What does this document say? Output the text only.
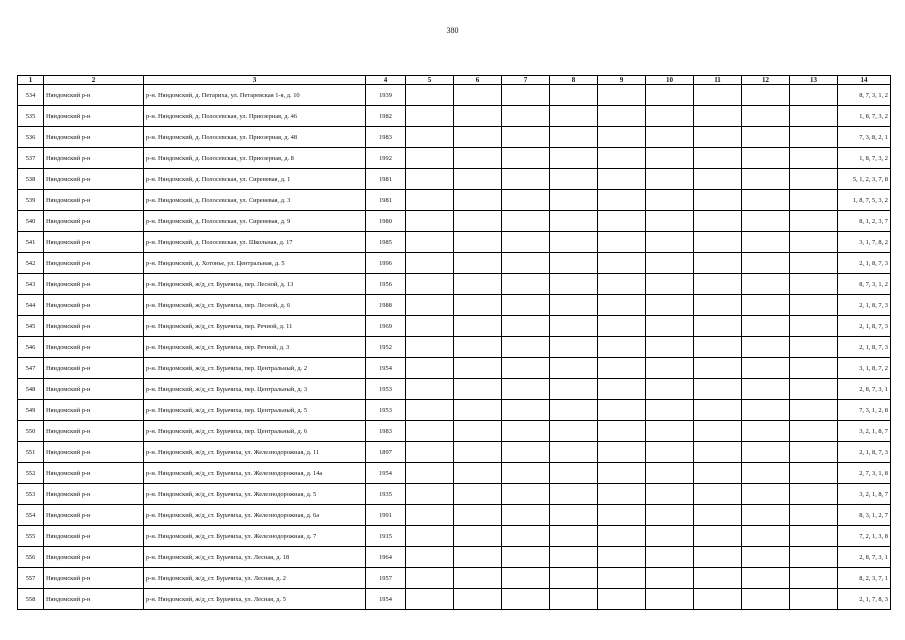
380
1	2	3	4	5	6	7	8	9	10	11	12	13	14
534	Няндомский р-н	р-н. Няндомский, д. Петариха, ул. Петаревская 1-я, д. 10	1939										8, 7, 3, 1, 2
535	Няндомский р-н	р-н. Няндомский, д. Полосевская, ул. Приозерная, д. 46	1982										1, 8, 7, 3, 2
536	Няндомский р-н	р-н. Няндомский, д. Полосевская, ул. Приозерная, д. 48	1983										7, 3, 8, 2, 1
537	Няндомский р-н	р-н. Няндомский, д. Полосевская, ул. Приозерная, д. 8	1992										1, 8, 7, 3, 2
538	Няндомский р-н	р-н. Няндомский, д. Полосевская, ул. Сиреневая, д. 1	1981										5, 1, 2, 3, 7, 8
539	Няндомский р-н	р-н. Няндомский, д. Полосевская, ул. Сиреневая, д. 3	1981										1, 8, 7, 5, 3, 2
540	Няндомский р-н	р-н. Няндомский, д. Полосевская, ул. Сиреневая, д. 9	1980										8, 1, 2, 3, 7
541	Няндомский р-н	р-н. Няндомский, д. Полосевская, ул. Школьная, д. 17	1985										3, 1, 7, 8, 2
542	Няндомский р-н	р-н. Няндомский, д. Хотонье, ул. Центральная, д. 5	1996										2, 1, 8, 7, 3
543	Няндомский р-н	р-н. Няндомский, ж/д_ст. Бурачиха, пер. Лесной, д. 13	1956										8, 7, 3, 1, 2
544	Няндомский р-н	р-н. Няндомский, ж/д_ст. Бурачиха, пер. Лесной, д. 6	1988										2, 1, 8, 7, 3
545	Няндомский р-н	р-н. Няндомский, ж/д_ст. Бурачиха, пер. Речной, д. 11	1969										2, 1, 8, 7, 3
546	Няндомский р-н	р-н. Няндомский, ж/д_ст. Бурачиха, пер. Речной, д. 3	1952										2, 1, 8, 7, 3
547	Няндомский р-н	р-н. Няндомский, ж/д_ст. Бурачиха, пер. Центральный, д. 2	1954										3, 1, 8, 7, 2
548	Няндомский р-н	р-н. Няндомский, ж/д_ст. Бурачиха, пер. Центральный, д. 3	1953										2, 8, 7, 3, 1
549	Няндомский р-н	р-н. Няндомский, ж/д_ст. Бурачиха, пер. Центральный, д. 5	1953										7, 3, 1, 2, 8
550	Няндомский р-н	р-н. Няндомский, ж/д_ст. Бурачиха, пер. Центральный, д. 6	1983										3, 2, 1, 8, 7
551	Няндомский р-н	р-н. Няндомский, ж/д_ст. Бурачиха, ул. Железнодорожная, д. 11	1897										2, 1, 8, 7, 3
552	Няндомский р-н	р-н. Няндомский, ж/д_ст. Бурачиха, ул. Железнодорожная, д. 14а	1954										2, 7, 3, 1, 8
553	Няндомский р-н	р-н. Няндомский, ж/д_ст. Бурачиха, ул. Железнодорожная, д. 5	1935										3, 2, 1, 8, 7
554	Няндомский р-н	р-н. Няндомский, ж/д_ст. Бурачиха, ул. Железнодорожная, д. 6а	1991										8, 3, 1, 2, 7
555	Няндомский р-н	р-н. Няндомский, ж/д_ст. Бурачиха, ул. Железнодорожная, д. 7	1915										7, 2, 1, 3, 8
556	Няндомский р-н	р-н. Няндомский, ж/д_ст. Бурачиха, ул. Лесная, д. 18	1964										2, 8, 7, 3, 1
557	Няндомский р-н	р-н. Няндомский, ж/д_ст. Бурачиха, ул. Лесная, д. 2	1957										8, 2, 3, 7, 1
558	Няндомский р-н	р-н. Няндомский, ж/д_ст. Бурачиха, ул. Лесная, д. 5	1954										2, 1, 7, 8, 3
